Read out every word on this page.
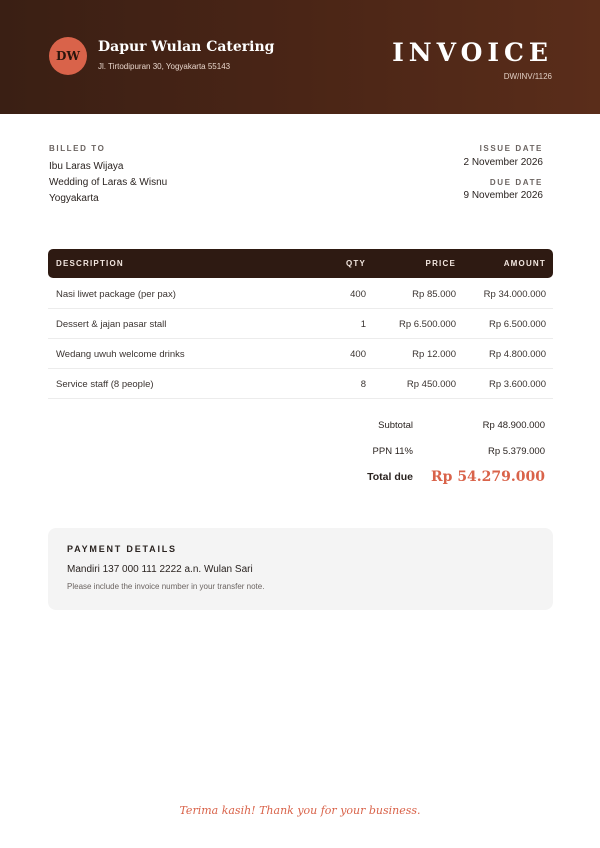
DW
Dapur Wulan Catering
Jl. Tirtodipuran 30, Yogyakarta 55143	INVOICE
DW/INV/1126
BILLED TO
Ibu Laras Wijaya
Wedding of Laras & Wisnu
Yogyakarta
ISSUE DATE
2 November 2026
DUE DATE
9 November 2026
DESCRIPTION	QTY	PRICE	AMOUNT
Nasi liwet package (per pax)	400	Rp 85.000	Rp 34.000.000
Dessert & jajan pasar stall	1	Rp 6.500.000	Rp 6.500.000
Wedang uwuh welcome drinks	400	Rp 12.000	Rp 4.800.000
Service staff (8 people)	8	Rp 450.000	Rp 3.600.000
Subtotal	Rp 48.900.000
PPN 11%	Rp 5.379.000
Total due Rp 54.279.000
PAYMENT DETAILS
Mandiri 137 000 111 2222 a.n. Wulan Sari
Please include the invoice number in your transfer note.
Terima kasih! Thank you for your business.
